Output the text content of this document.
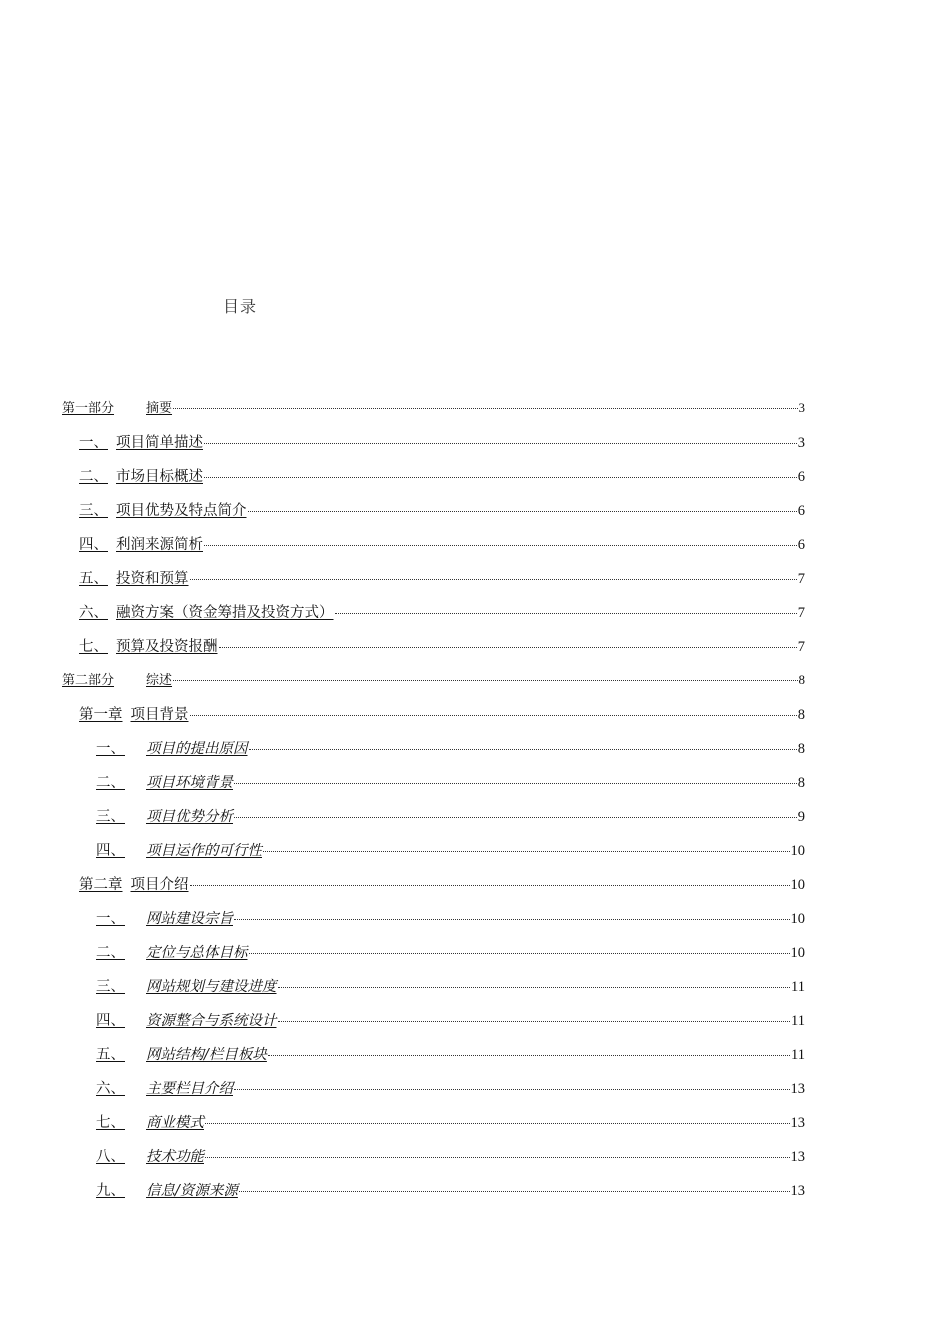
目录
第一部分	摘要	3
一、 项目简单描述	3
二、 市场目标概述	6
三、 项目优势及特点简介	6
四、 利润来源简析	6
五、 投资和预算	7
六、 融资方案（资金筹措及投资方式）	7
七、 预算及投资报酬	7
第二部分	综述	8
第一章 项目背景	8
一、	项目的提出原因	8
二、	项目环境背景	8
三、	项目优势分析	9
四、	项目运作的可行性	10
第二章 项目介绍	10
一、	网站建设宗旨	10
二、	定位与总体目标	10
三、	网站规划与建设进度	11
四、	资源整合与系统设计	11
五、	网站结构/栏目板块	11
六、	主要栏目介绍	13
七、	商业模式	13
八、	技术功能	13
九、	信息/资源来源	13
